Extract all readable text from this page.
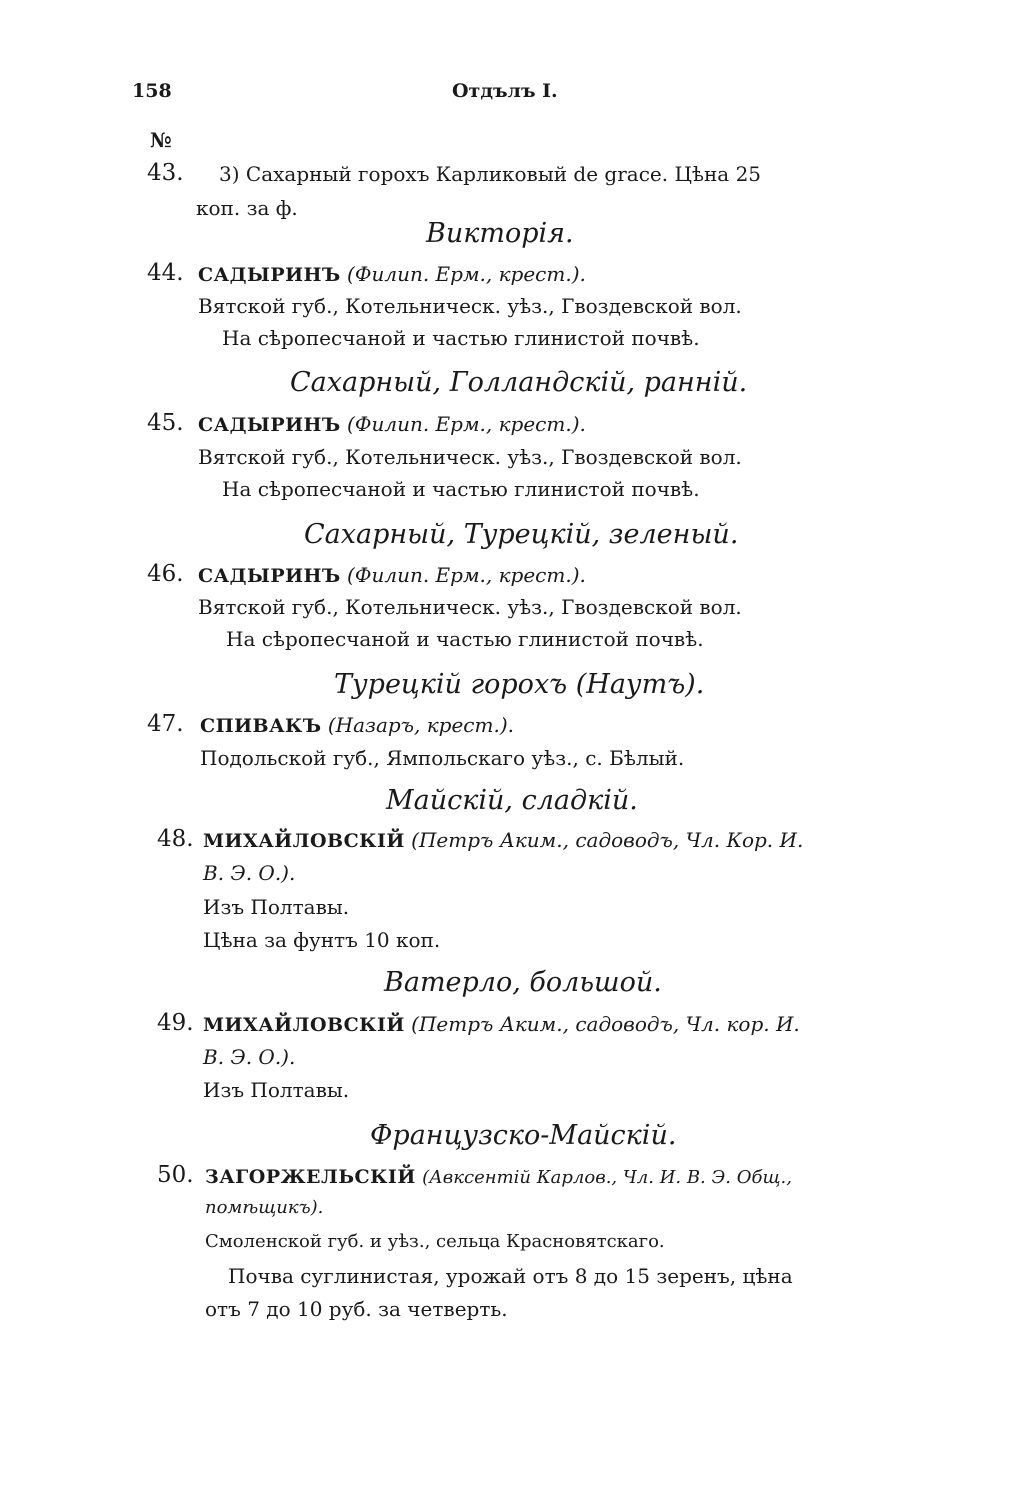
158	Отдълъ I.
№
43. 3) Сахарный горохъ Карликовый de grace. Цѣна 25
коп. за ф.
Викторія.
44. САДЫРИНЪ (Филип. Ерм., крест.).
Вятской губ., Котельническ. уѣз., Гвоздевской вол.
На сѣропесчаной и частью глинистой почвѣ.
Сахарный, Голландскій, ранній.
45. САДЫРИНЪ (Филип. Ерм., крест.).
Вятской губ., Котельническ. уѣз., Гвоздевской вол.
На сѣропесчаной и частью глинистой почвѣ.
Сахарный, Турецкій, зеленый.
46. САДЫРИНЪ (Филип. Ерм., крест.).
Вятской губ., Котельническ. уѣз., Гвоздевской вол.
На сѣропесчаной и частью глинистой почвѣ.
Турецкій горохъ (Наутъ).
47. СПИВАКЪ (Назаръ, крест.).
Подольской губ., Ямпольскаго уѣз., с. Бѣлый.
Майскій, сладкій.
48. МИХАЙЛОВСКІЙ (Петръ Аким., садоводъ, Чл. Кор. И.
В. Э. О.).
Изъ Полтавы.
Цѣна за фунтъ 10 коп.
Ватерло, большой.
49. МИХАЙЛОВСКІЙ (Петръ Аким., садоводъ, Чл. кор. И.
В. Э. О.).
Изъ Полтавы.
Французско-Майскій.
50. ЗАГОРЖЕЛЬСКІЙ (Авксентій Карлов., Чл. И. В. Э. Общ.,
помѣщикъ).
Смоленской губ. и уѣз., сельца Красновятскаго.
Почва суглинистая, урожай отъ 8 до 15 зеренъ, цѣна
отъ 7 до 10 руб. за четверть.
